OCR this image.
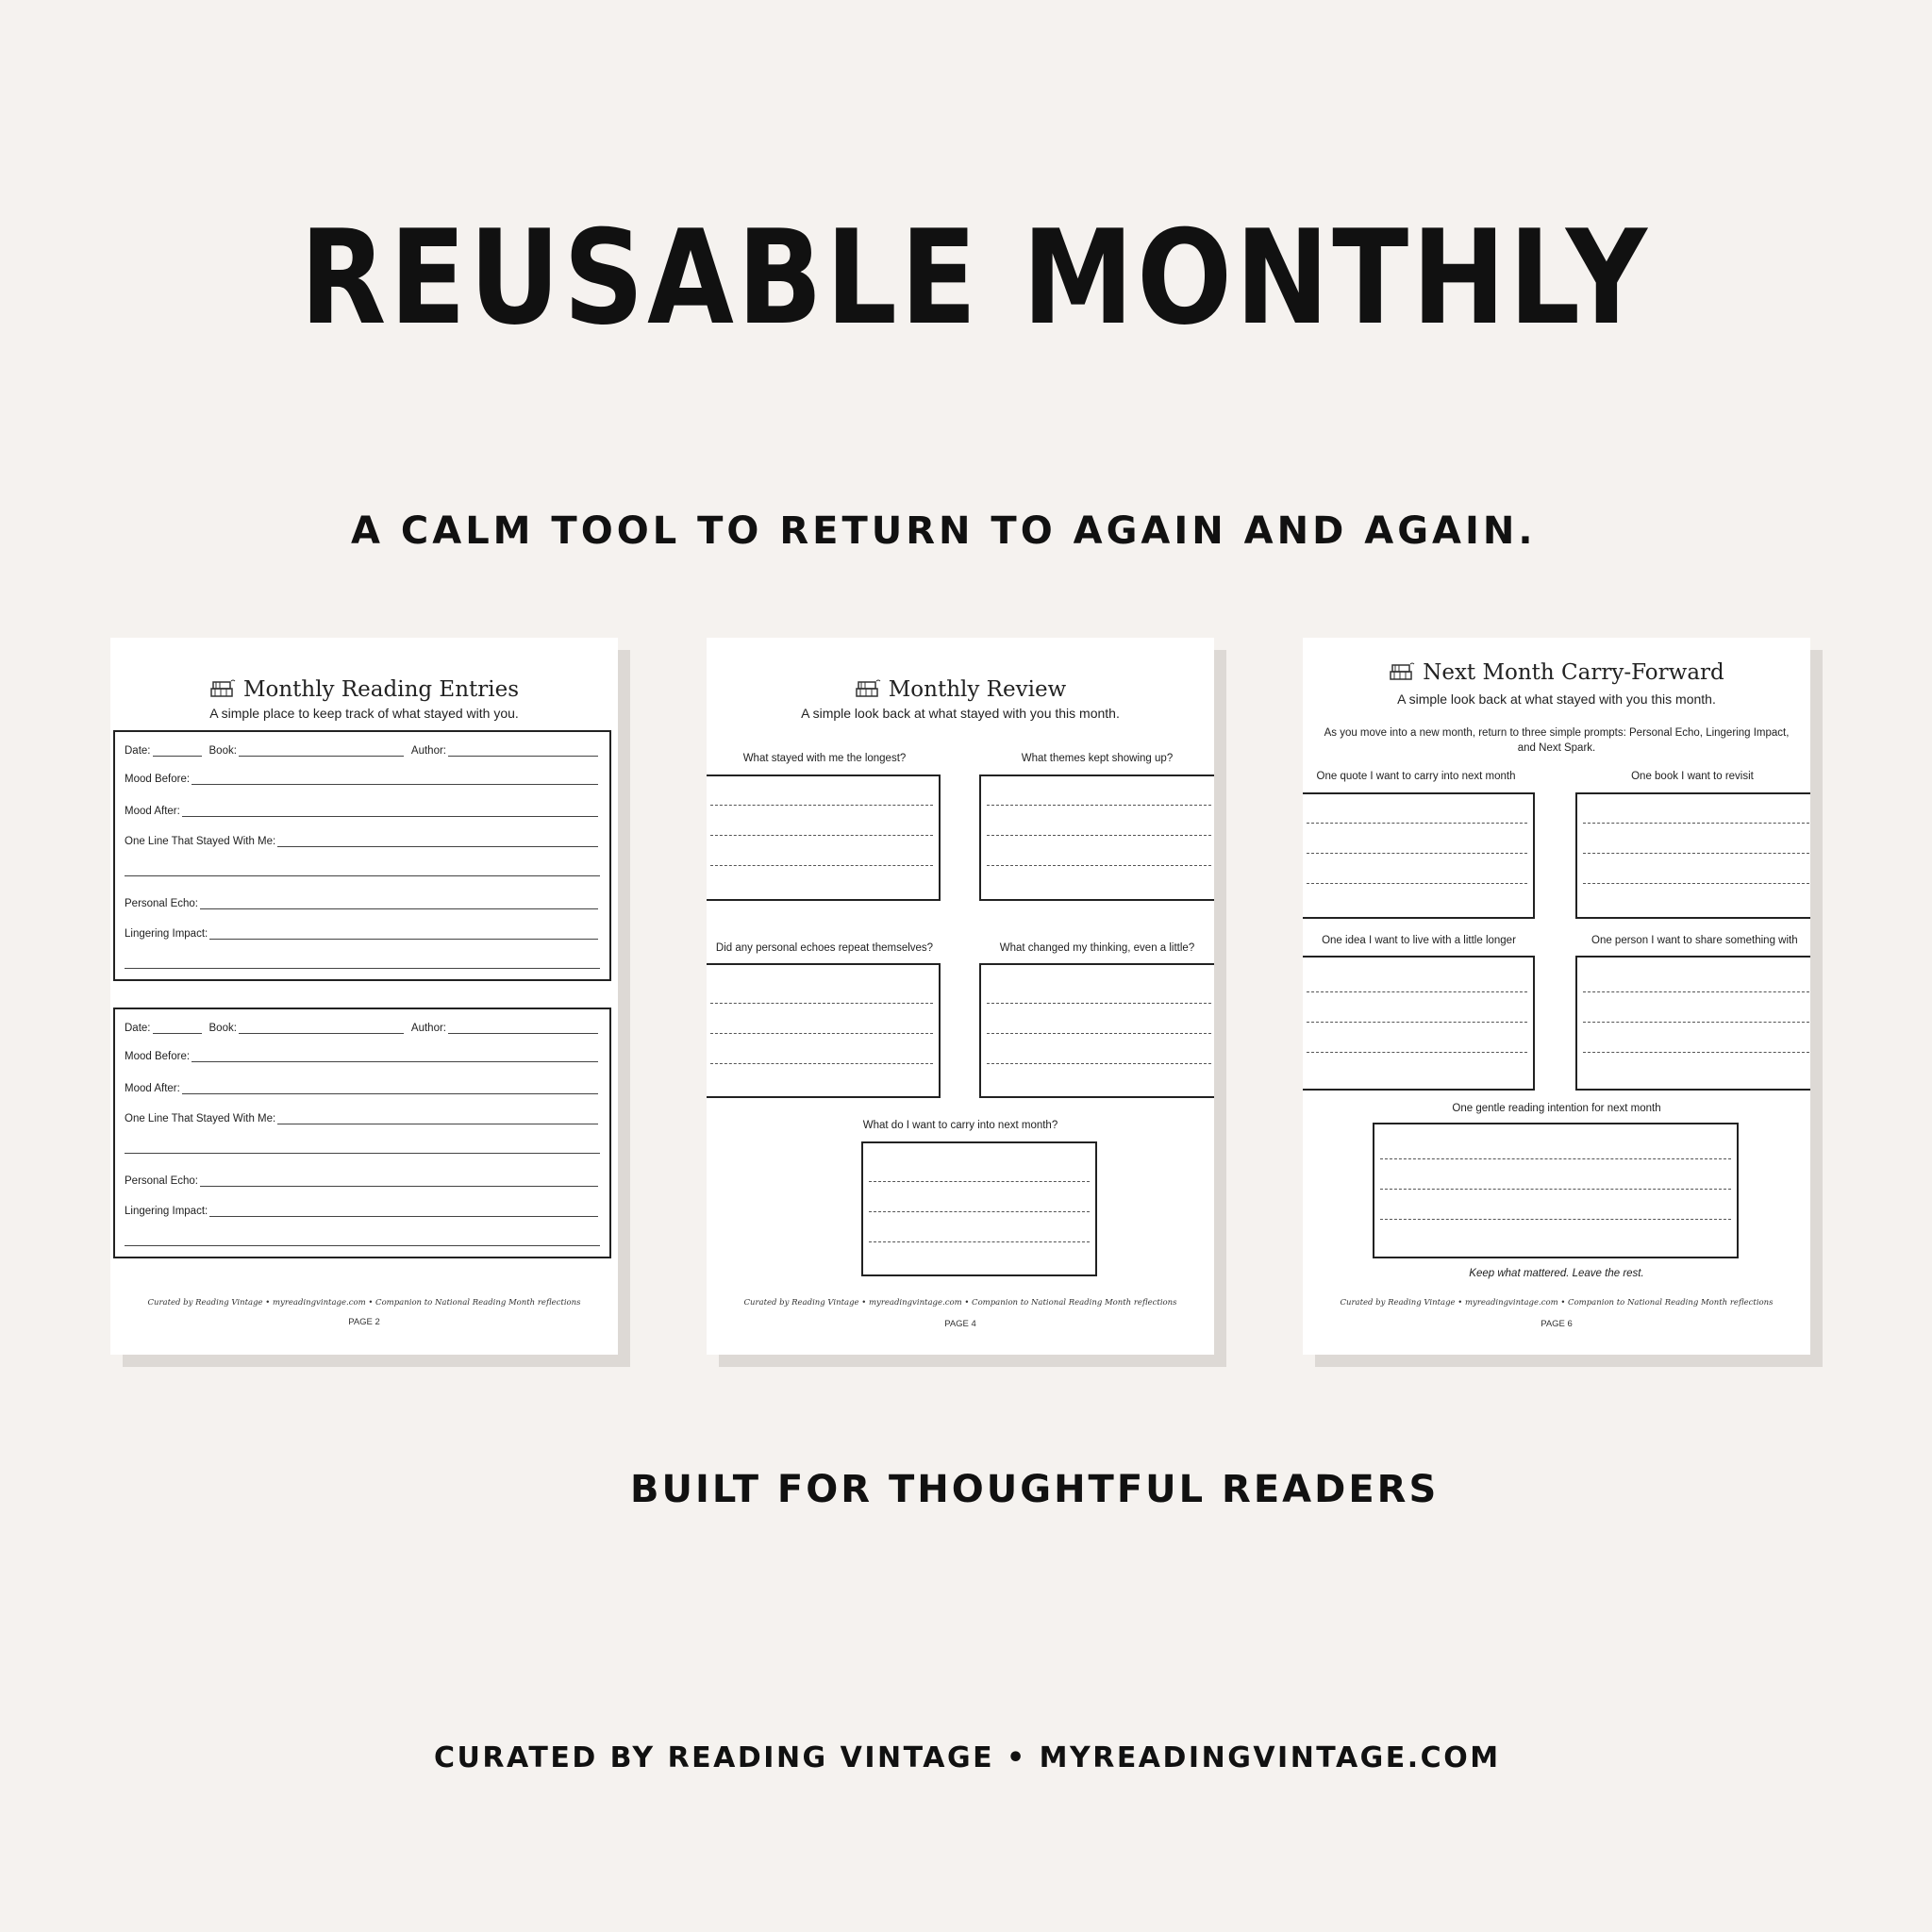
REUSABLE MONTHLY
A CALM TOOL TO RETURN TO AGAIN AND AGAIN.
Monthly Reading Entries
A simple place to keep track of what stayed with you.
Date:	Book:	Author:
Mood Before:
Mood After:
One Line That Stayed With Me:
Personal Echo:
Lingering Impact:
Date:	Book:	Author:
Mood Before:
Mood After:
One Line That Stayed With Me:
Personal Echo:
Lingering Impact:
Curated by Reading Vintage • myreadingvintage.com • Companion to National Reading Month reflections
PAGE 2
Monthly Review
A simple look back at what stayed with you this month.
What stayed with me the longest?	What themes kept showing up?
Did any personal echoes repeat themselves?	What changed my thinking, even a little?
What do I want to carry into next month?
Curated by Reading Vintage • myreadingvintage.com • Companion to National Reading Month reflections
PAGE 4
Next Month Carry-Forward
A simple look back at what stayed with you this month.
As you move into a new month, return to three simple prompts: Personal Echo, Lingering Impact,
and Next Spark.
One quote I want to carry into next month	One book I want to revisit
One idea I want to live with a little longer	One person I want to share something with
One gentle reading intention for next month
Keep what mattered. Leave the rest.
Curated by Reading Vintage • myreadingvintage.com • Companion to National Reading Month reflections
PAGE 6
BUILT FOR THOUGHTFUL READERS
CURATED BY READING VINTAGE • MYREADINGVINTAGE.COM
